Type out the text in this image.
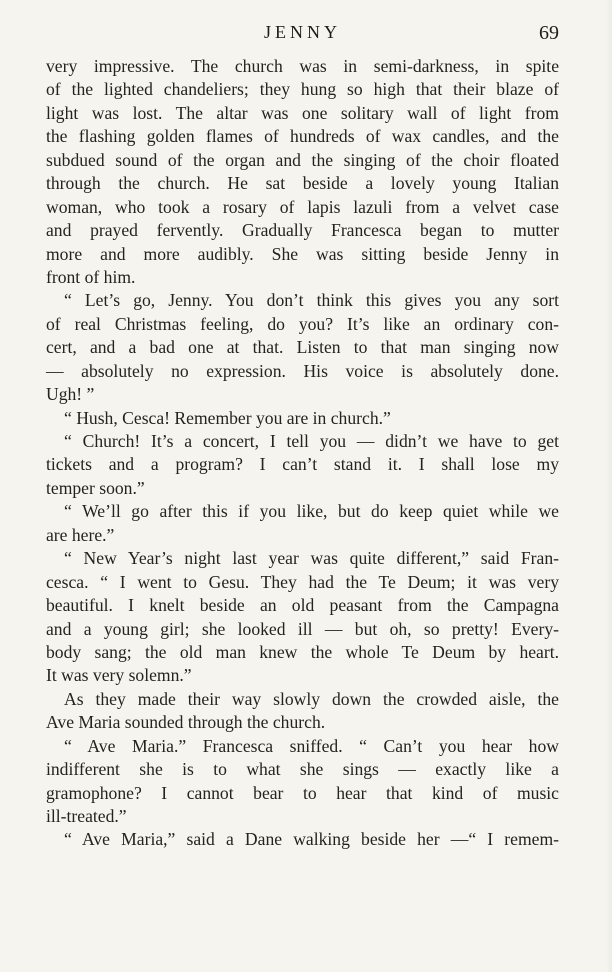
JENNY	69
very impressive. The church was in semi-darkness, in spite
of the lighted chandeliers; they hung so high that their blaze of
light was lost. The altar was one solitary wall of light from
the flashing golden flames of hundreds of wax candles, and the
subdued sound of the organ and the singing of the choir floated
through the church. He sat beside a lovely young Italian
woman, who took a rosary of lapis lazuli from a velvet case
and prayed fervently. Gradually Francesca began to mutter
more and more audibly. She was sitting beside Jenny in
front of him.
“ Let’s go, Jenny. You don’t think this gives you any sort
of real Christmas feeling, do you? It’s like an ordinary con-
cert, and a bad one at that. Listen to that man singing now
— absolutely no expression. His voice is absolutely done.
Ugh! ”
“ Hush, Cesca! Remember you are in church.”
“ Church! It’s a concert, I tell you — didn’t we have to get
tickets and a program? I can’t stand it. I shall lose my
temper soon.”
“ We’ll go after this if you like, but do keep quiet while we
are here.”
“ New Year’s night last year was quite different,” said Fran-
cesca. “ I went to Gesu. They had the Te Deum; it was very
beautiful. I knelt beside an old peasant from the Campagna
and a young girl; she looked ill — but oh, so pretty! Every-
body sang; the old man knew the whole Te Deum by heart.
It was very solemn.”
As they made their way slowly down the crowded aisle, the
Ave Maria sounded through the church.
“ Ave Maria.” Francesca sniffed. “ Can’t you hear how
indifferent she is to what she sings — exactly like a
gramophone? I cannot bear to hear that kind of music
ill-treated.”
“ Ave Maria,” said a Dane walking beside her —“ I remem-
